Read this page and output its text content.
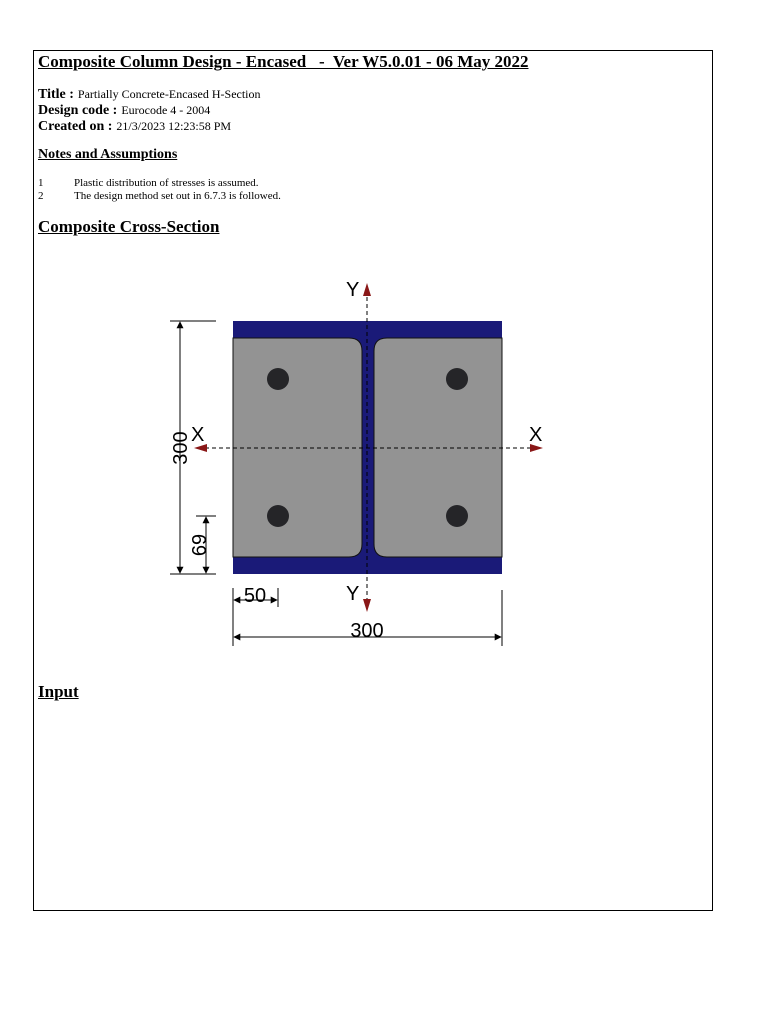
Composite Column Design - Encased   -  Ver W5.0.01 - 06 May 2022
Title : Partially Concrete-Encased H-Section
Design code : Eurocode 4 - 2004
Created on : 21/3/2023 12:23:58 PM
Notes and Assumptions
1	Plastic distribution of stresses is assumed.
2	The design method set out in 6.7.3 is followed.
Composite Cross-Section
Input
Y
Y
X	X
300
69
50
300
